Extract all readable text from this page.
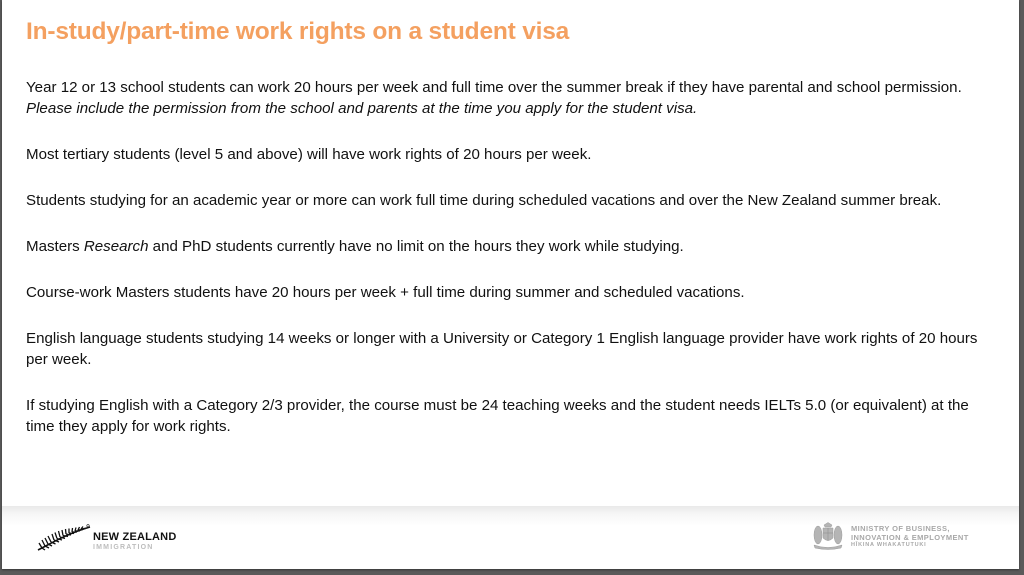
In-study/part-time work rights on a student visa

Year 12 or 13 school students can work 20 hours per week and full time over the summer break if they have parental and school permission. Please include the permission from the school and parents at the time you apply for the student visa.

Most tertiary students (level 5 and above) will have work rights of 20 hours per week.

Students studying for an academic year or more can work full time during scheduled vacations and over the New Zealand summer break.

Masters Research and PhD students currently have no limit on the hours they work while studying.

Course-work Masters students have 20 hours per week + full time during summer and scheduled vacations.

English language students studying 14 weeks or longer with a University or Category 1 English language provider have work rights of 20 hours per week.

If studying English with a Category 2/3 provider, the course must be 24 teaching weeks and the student needs IELTs 5.0 (or equivalent) at the time they apply for work rights.

NEW ZEALAND
IMMIGRATION
MINISTRY OF BUSINESS,
INNOVATION & EMPLOYMENT
HĪKINA WHAKATUTUKI
